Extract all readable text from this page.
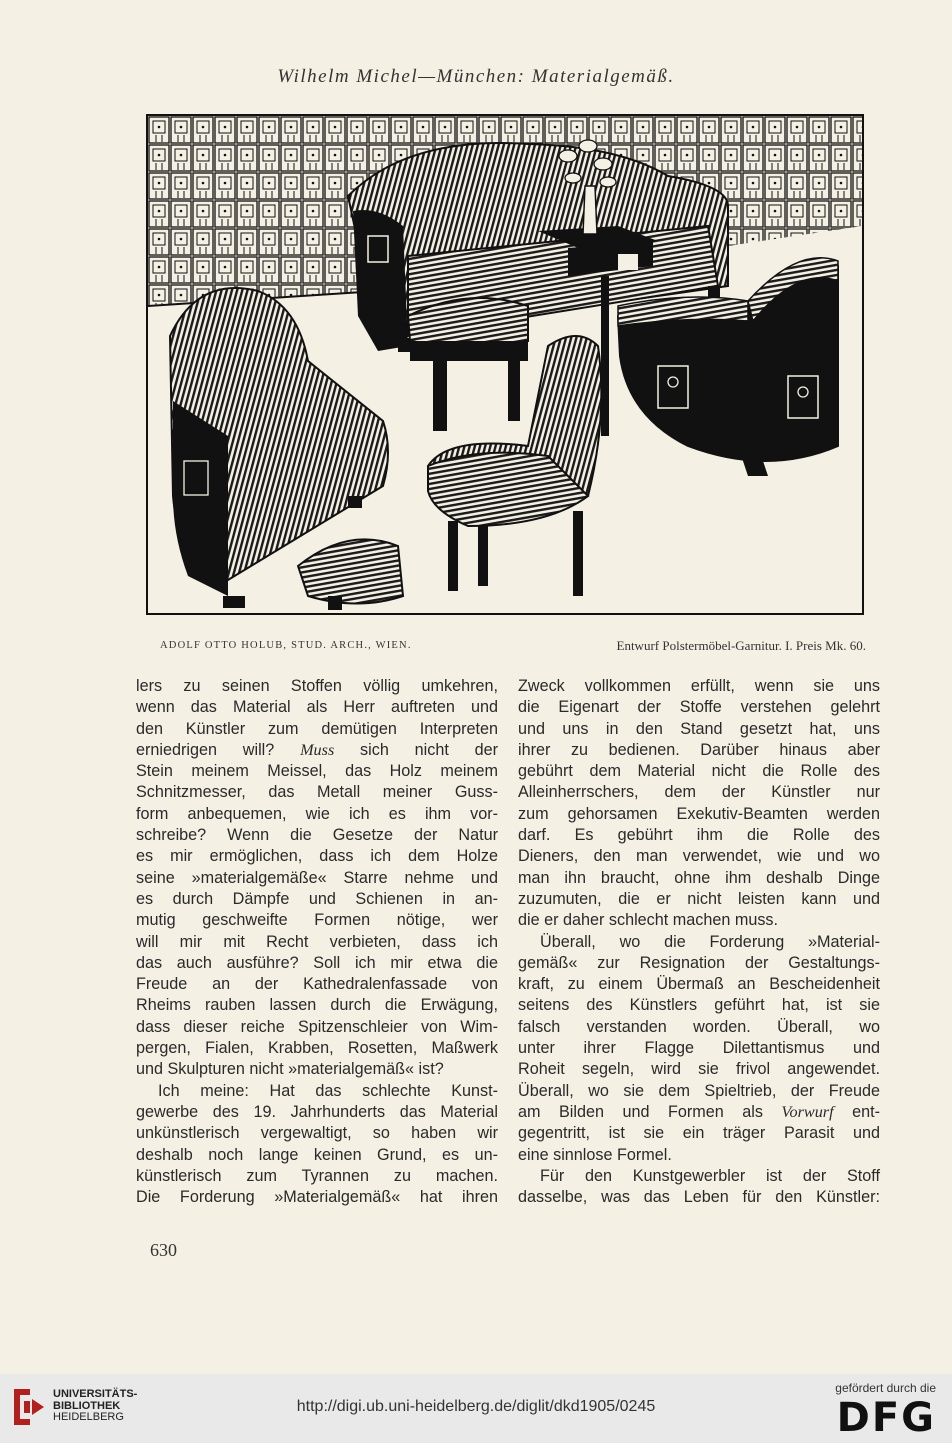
Wilhelm Michel—München: Materialgemäß.
ADOLF OTTO HOLUB, STUD. ARCH., WIEN.	Entwurf Polstermöbel-Garnitur. I. Preis Mk. 60.
lers zu seinen Stoffen völlig umkehren,
wenn das Material als Herr auftreten und
den Künstler zum demütigen Interpreten
erniedrigen will? Muss sich nicht der
Stein meinem Meissel, das Holz meinem
Schnitzmesser, das Metall meiner Guss-
form anbequemen, wie ich es ihm vor-
schreibe? Wenn die Gesetze der Natur
es mir ermöglichen, dass ich dem Holze
seine »materialgemäße« Starre nehme und
es durch Dämpfe und Schienen in an-
mutig geschweifte Formen nötige, wer
will mir mit Recht verbieten, dass ich
das auch ausführe? Soll ich mir etwa die
Freude an der Kathedralenfassade von
Rheims rauben lassen durch die Erwägung,
dass dieser reiche Spitzenschleier von Wim-
pergen, Fialen, Krabben, Rosetten, Maßwerk
und Skulpturen nicht »materialgemäß« ist?
Ich meine: Hat das schlechte Kunst-
gewerbe des 19. Jahrhunderts das Material
unkünstlerisch vergewaltigt, so haben wir
deshalb noch lange keinen Grund, es un-
künstlerisch zum Tyrannen zu machen.
Die Forderung »Materialgemäß« hat ihren
Zweck vollkommen erfüllt, wenn sie uns
die Eigenart der Stoffe verstehen gelehrt
und uns in den Stand gesetzt hat, uns
ihrer zu bedienen. Darüber hinaus aber
gebührt dem Material nicht die Rolle des
Alleinherrschers, dem der Künstler nur
zum gehorsamen Exekutiv-Beamten werden
darf. Es gebührt ihm die Rolle des
Dieners, den man verwendet, wie und wo
man ihn braucht, ohne ihm deshalb Dinge
zuzumuten, die er nicht leisten kann und
die er daher schlecht machen muss.
Überall, wo die Forderung »Material-
gemäß« zur Resignation der Gestaltungs-
kraft, zu einem Übermaß an Bescheidenheit
seitens des Künstlers geführt hat, ist sie
falsch verstanden worden. Überall, wo
unter ihrer Flagge Dilettantismus und
Roheit segeln, wird sie frivol angewendet.
Überall, wo sie dem Spieltrieb, der Freude
am Bilden und Formen als Vorwurf ent-
gegentritt, ist sie ein träger Parasit und
eine sinnlose Formel.
Für den Kunstgewerbler ist der Stoff
dasselbe, was das Leben für den Künstler:
630
UNIVERSITÄTS-
BIBLIOTHEK
HEIDELBERG
http://digi.ub.uni-heidelberg.de/diglit/dkd1905/0245
gefördert durch die
DFG
